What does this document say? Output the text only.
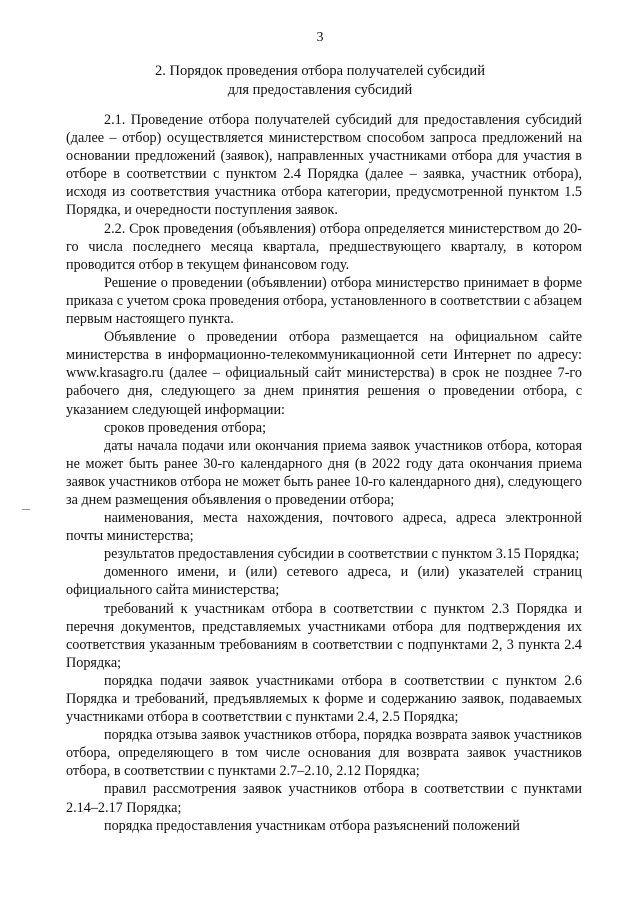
3
2. Порядок проведения отбора получателей субсидий
для предоставления субсидий

2.1. Проведение отбора получателей субсидий для предоставления субсидий (далее – отбор) осуществляется министерством способом запроса предложений на основании предложений (заявок), направленных участниками отбора для участия в отборе в соответствии с пунктом 2.4 Порядка (далее – заявка, участник отбора), исходя из соответствия участника отбора категории, предусмотренной пунктом 1.5 Порядка, и очередности поступления заявок.

2.2. Срок проведения (объявления) отбора определяется министерством до 20-го числа последнего месяца квартала, предшествующего кварталу, в котором проводится отбор в текущем финансовом году.

Решение о проведении (объявлении) отбора министерство принимает в форме приказа с учетом срока проведения отбора, установленного в соответствии с абзацем первым настоящего пункта.

Объявление о проведении отбора размещается на официальном сайте министерства в информационно-телекоммуникационной сети Интернет по адресу: www.krasagro.ru (далее – официальный сайт министерства) в срок не позднее 7-го рабочего дня, следующего за днем принятия решения о проведении отбора, с указанием следующей информации:

сроков проведения отбора;

даты начала подачи или окончания приема заявок участников отбора, которая не может быть ранее 30-го календарного дня (в 2022 году дата окончания приема заявок участников отбора не может быть ранее 10-го календарного дня), следующего за днем размещения объявления о проведении отбора;

наименования, места нахождения, почтового адреса, адреса электронной почты министерства;

результатов предоставления субсидии в соответствии с пунктом 3.15 Порядка;

доменного имени, и (или) сетевого адреса, и (или) указателей страниц официального сайта министерства;

требований к участникам отбора в соответствии с пунктом 2.3 Порядка и перечня документов, представляемых участниками отбора для подтверждения их соответствия указанным требованиям в соответствии с подпунктами 2, 3 пункта 2.4 Порядка;

порядка подачи заявок участниками отбора в соответствии с пунктом 2.6 Порядка и требований, предъявляемых к форме и содержанию заявок, подаваемых участниками отбора в соответствии с пунктами 2.4, 2.5 Порядка;

порядка отзыва заявок участников отбора, порядка возврата заявок участников отбора, определяющего в том числе основания для возврата заявок участников отбора, в соответствии с пунктами 2.7–2.10, 2.12 Порядка;

правил рассмотрения заявок участников отбора в соответствии с пунктами 2.14–2.17 Порядка;

порядка предоставления участникам отбора разъяснений положений
